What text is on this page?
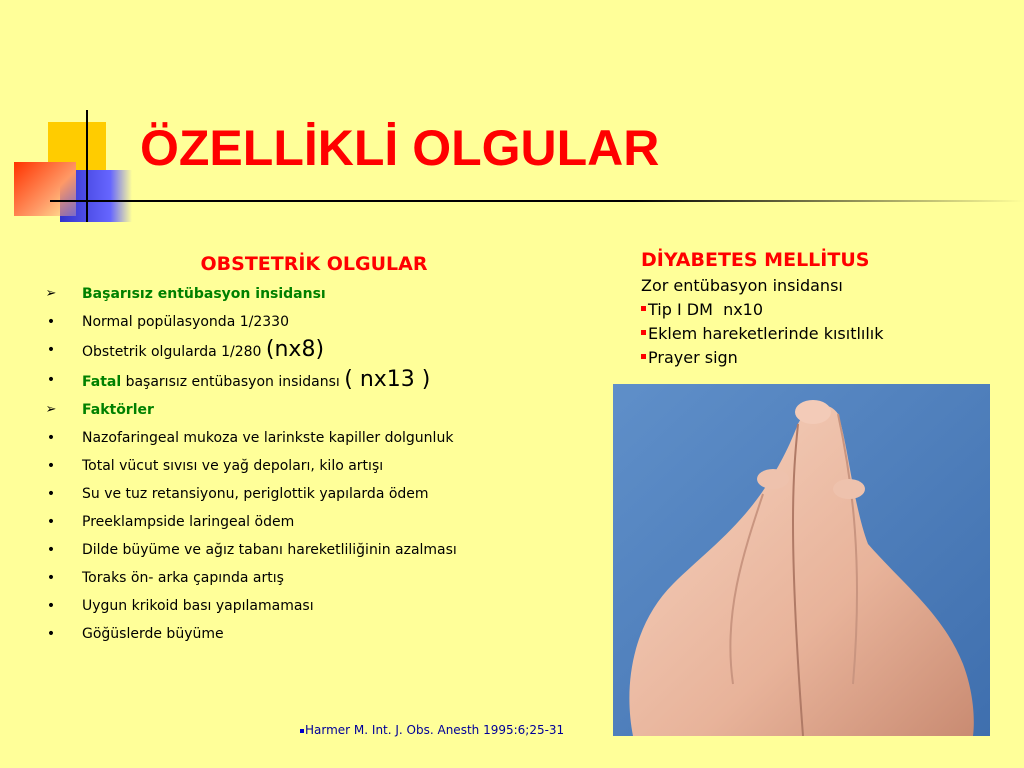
ÖZELLİKLİ OLGULAR
OBSTETRİK OLGULAR
➢ Başarısız entübasyon insidansı
• Normal popülasyonda 1/2330
• Obstetrik olgularda 1/280 (nx8)
• Fatal başarısız entübasyon insidansı ( nx13 )
➢ Faktörler
• Nazofaringeal mukoza ve larinkste kapiller dolgunluk
• Total vücut sıvısı ve yağ depoları, kilo artışı
• Su ve tuz retansiyonu, periglottik yapılarda ödem
• Preeklampside laringeal ödem
• Dilde büyüme ve ağız tabanı hareketliliğinin azalması
• Toraks ön- arka çapında artış
• Uygun krikoid bası yapılamaması
• Göğüslerde büyüme
DİYABETES MELLİTUS
Zor entübasyon insidansı
Tip I DM  nx10
Eklem hareketlerinde kısıtlılık
Prayer sign
Harmer M. Int. J. Obs. Anesth 1995:6;25-31
